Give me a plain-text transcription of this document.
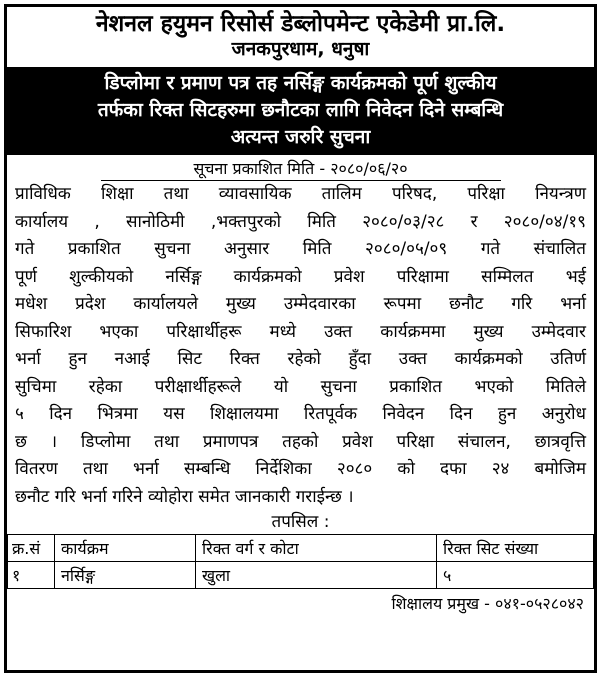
नेशनल हयुमन रिसोर्स डेब्लोपमेन्ट एकेडेमी प्रा.लि.
जनकपुरधाम, धनुषा
डिप्लोमा र प्रमाण पत्र तह नर्सिङ्ग कार्यक्रमको पूर्ण शुल्कीय
तर्फका रिक्त सिटहरुमा छनौटका लागि निवेदन दिने सम्बन्धि
अत्यन्त जरुरि सुचना
सूचना प्रकाशित मिति - २०८०/०६/२०
प्राविधिक शिक्षा तथा व्यावसायिक तालिम परिषद, परिक्षा नियन्त्रण
कार्यालय , सानोठिमी ,भक्तपुरको मिति २०८०/०३/२८ र २०८०/०४/१९
गते प्रकाशित सुचना अनुसार मिति २०८०/०५/०९ गते संचालित
पूर्ण शुल्कीयको नर्सिङ्ग कार्यक्रमको प्रवेश परिक्षामा सम्मिलत भई
मधेश प्रदेश कार्यालयले मुख्य उम्मेदवारका रूपमा छनौट गरि भर्ना
सिफारिश भएका परिक्षार्थीहरू मध्ये उक्त कार्यक्रममा मुख्य उम्मेदवार
भर्ना हुन नआई सिट रिक्त रहेको हुँदा उक्त कार्यक्रमको उतिर्ण
सुचिमा रहेका परीक्षार्थीहरूले यो सुचना प्रकाशित भएको मितिले
५ दिन भित्रमा यस शिक्षालयमा रितपूर्वक निवेदन दिन हुन अनुरोध
छ । डिप्लोमा तथा प्रमाणपत्र तहको प्रवेश परिक्षा संचालन, छात्रवृत्ति
वितरण तथा भर्ना सम्बन्धि निर्देशिका २०८० को दफा २४ बमोजिम
छनौट गरि भर्ना गरिने व्योहोरा समेत जानकारी गराईन्छ ।
तपसिल :
क्र.सं	कार्यक्रम	रिक्त वर्ग र कोटा	रिक्त सिट संख्या
१	नर्सिङ्ग	खुला	५
शिक्षालय प्रमुख - ०४१-०५२८०४२
